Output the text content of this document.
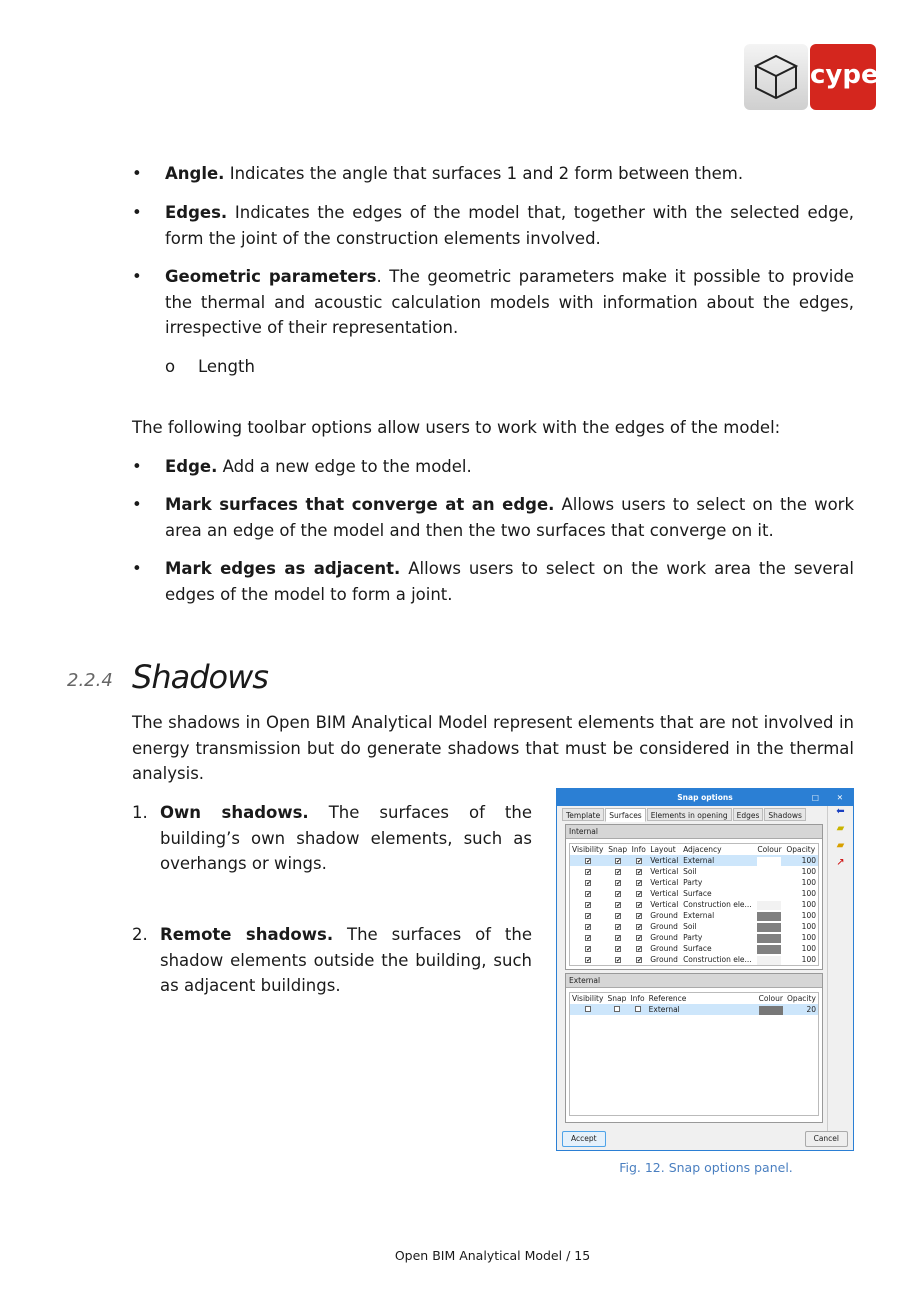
cype
• Angle. Indicates the angle that surfaces 1 and 2 form between them.
• Edges. Indicates the edges of the model that, together with the selected edge, form the joint of the construction elements involved.
• Geometric parameters. The geometric parameters make it possible to provide the thermal and acoustic calculation models with information about the edges, irrespective of their representation.
o Length
The following toolbar options allow users to work with the edges of the model:
• Edge. Add a new edge to the model.
• Mark surfaces that converge at an edge. Allows users to select on the work area an edge of the model and then the two surfaces that converge on it.
• Mark edges as adjacent. Allows users to select on the work area the several edges of the model to form a joint.
2.2.4 Shadows
The shadows in Open BIM Analytical Model represent elements that are not involved in energy transmission but do generate shadows that must be considered in the thermal analysis.
1. Own shadows. The surfaces of the building’s own shadow elements, such as overhangs or wings.
2. Remote shadows. The surfaces of the shadow elements outside the building, such as adjacent buildings.
Snap options	□ ✕
Template	Surfaces	Elements in opening	Edges	Shadows
Internal
Visibility	Snap	Info	Layout	Adjacency	Colour	Opacity
✔	✔	✔	Vertical	External		100
✔	✔	✔	Vertical	Soil		100
✔	✔	✔	Vertical	Party		100
✔	✔	✔	Vertical	Surface		100
✔	✔	✔	Vertical	Construction ele...		100
✔	✔	✔	Ground	External		100
✔	✔	✔	Ground	Soil		100
✔	✔	✔	Ground	Party		100
✔	✔	✔	Ground	Surface		100
✔	✔	✔	Ground	Construction ele...		100
External
Visibility	Snap	Info	Reference	Colour	Opacity
			External		20
⬅
▰
▰
↗
Accept	Cancel
Fig. 12. Snap options panel.
Open BIM Analytical Model / 15
